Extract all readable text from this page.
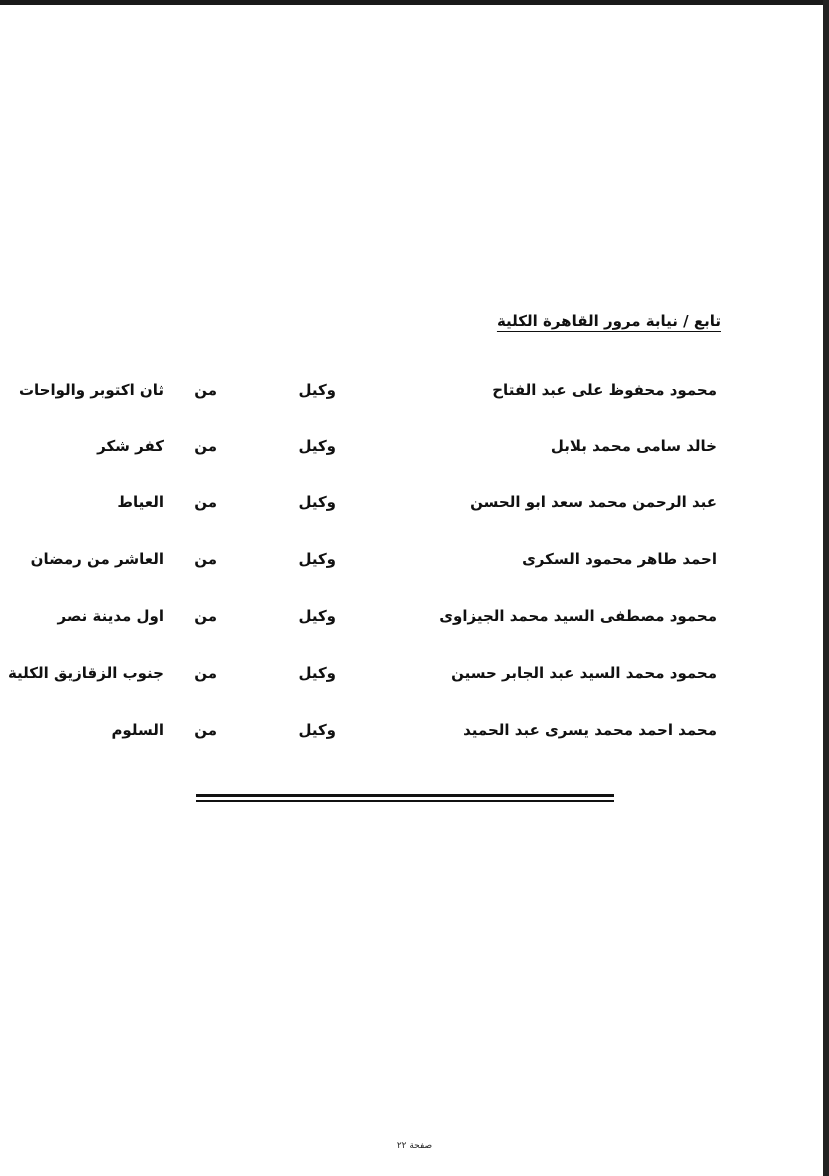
تابع / نيابة مرور القاهرة الكلية
محمود محفوظ على عبد الفتاح
وكيل
من
ثان اكتوبر والواحات
خالد سامى محمد بلابل
وكيل
من
كفر شكر
عبد الرحمن محمد سعد ابو الحسن
وكيل
من
العياط
احمد طاهر محمود السكرى
وكيل
من
العاشر من رمضان
محمود مصطفى السيد محمد الجيزاوى
وكيل
من
اول مدينة نصر
محمود محمد السيد عبد الجابر حسين
وكيل
من
جنوب الزقازيق الكلية
محمد احمد محمد يسرى عبد الحميد
وكيل
من
السلوم
صفحة ٢٢
